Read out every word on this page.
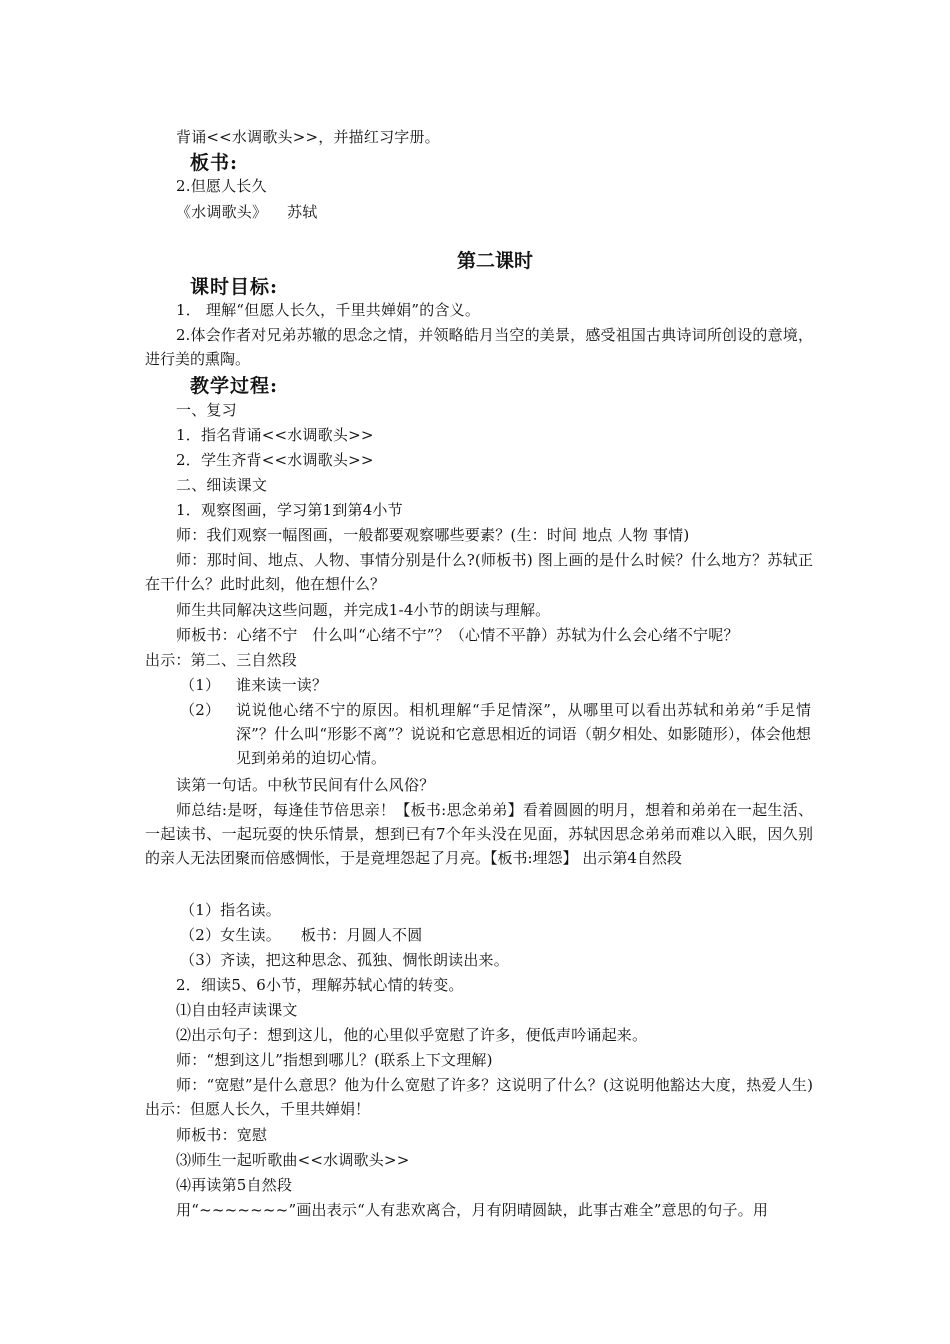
背诵<<水调歌头>>，并描红习字册。
板书:
2.但愿人长久
《水调歌头》    苏轼
第二课时
课时目标:
1． 理解“但愿人长久，千里共婵娟”的含义。
2.体会作者对兄弟苏辙的思念之情，并领略皓月当空的美景，感受祖国古典诗词所创设的意境，进行美的熏陶。
教学过程:
一、复习
1．指名背诵<<水调歌头>>
2．学生齐背<<水调歌头>>
二、细读课文
1．观察图画，学习第1到第4小节
师：我们观察一幅图画，一般都要观察哪些要素？(生：时间 地点 人物 事情)
师：那时间、地点、人物、事情分别是什么?(师板书) 图上画的是什么时候？什么地方？苏轼正在干什么？此时此刻，他在想什么？
师生共同解决这些问题，并完成1-4小节的朗读与理解。
师板书：心绪不宁   什么叫“心绪不宁”？（心情不平静）苏轼为什么会心绪不宁呢？
出示：第二、三自然段
（1） 谁来读一读？
（2） 说说他心绪不宁的原因。相机理解“手足情深”，从哪里可以看出苏轼和弟弟“手足情深”？什么叫“形影不离”？说说和它意思相近的词语（朝夕相处、如影随形），体会他想见到弟弟的迫切心情。
读第一句话。中秋节民间有什么风俗？
师总结:是呀，每逢佳节倍思亲！【板书:思念弟弟】看着圆圆的明月，想着和弟弟在一起生活、一起读书、一起玩耍的快乐情景，想到已有7个年头没在见面，苏轼因思念弟弟而难以入眠，因久别的亲人无法团聚而倍感惆怅，于是竟埋怨起了月亮。【板书:埋怨】 出示第4自然段
（1）指名读。
（2）女生读。    板书：月圆人不圆
（3）齐读，把这种思念、孤独、惆怅朗读出来。
2．细读5、6小节，理解苏轼心情的转变。
⑴自由轻声读课文
⑵出示句子：想到这儿，他的心里似乎宽慰了许多，便低声吟诵起来。
师：“想到这儿”指想到哪儿？(联系上下文理解)
师：“宽慰”是什么意思？他为什么宽慰了许多？这说明了什么？(这说明他豁达大度，热爱人生)出示：但愿人长久，千里共婵娟！
师板书：宽慰
⑶师生一起听歌曲<<水调歌头>>
⑷再读第5自然段
用“~~~~~~~”画出表示“人有悲欢离合，月有阴晴圆缺，此事古难全”意思的句子。用
